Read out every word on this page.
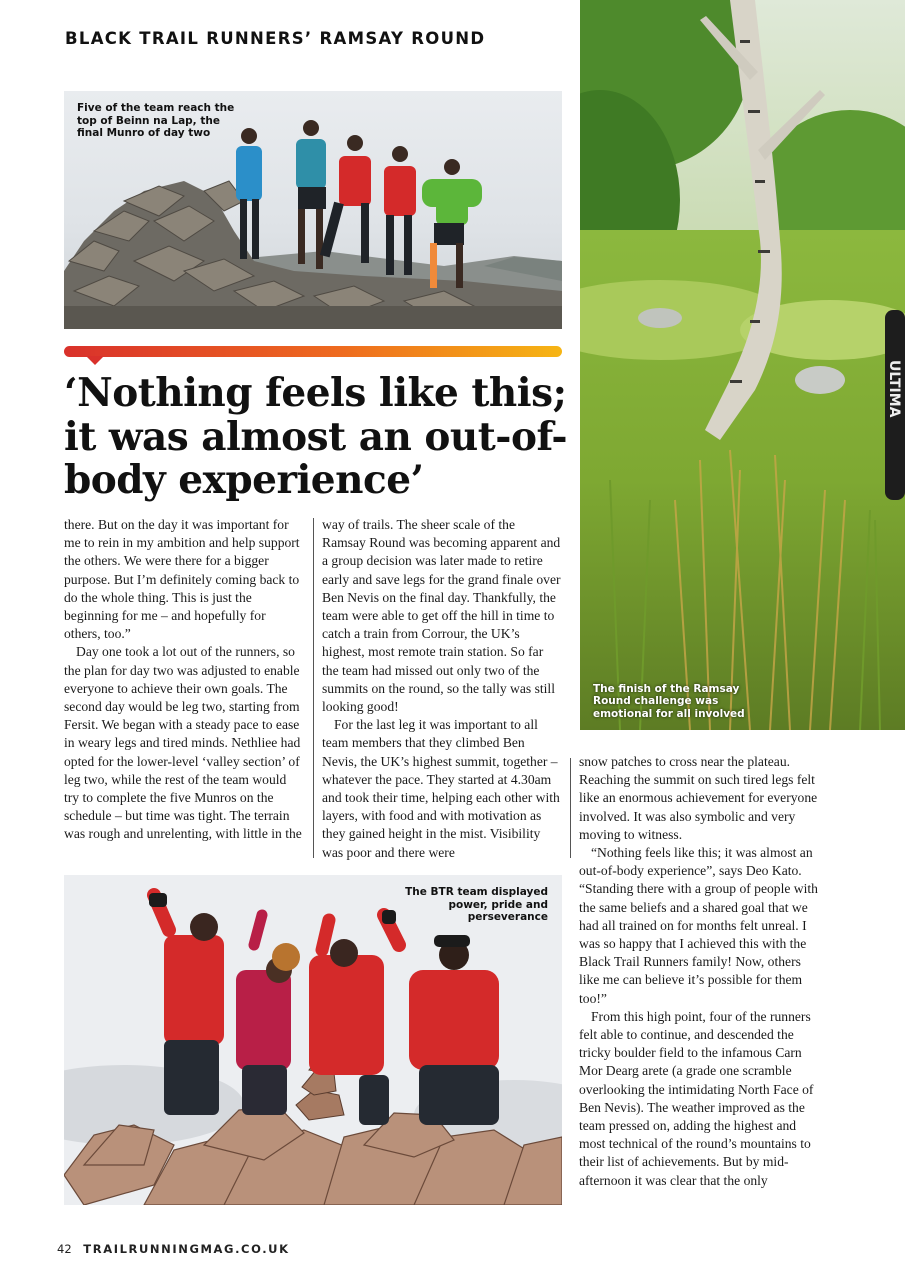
BLACK TRAIL RUNNERS’ RAMSAY ROUND
Five of the team reach the top of Beinn na Lap, the final Munro of day two
ULTIMA
The finish of the Ramsay Round challenge was emotional for all involved
‘Nothing feels like this; it was almost an out-of-body experience’

there. But on the day it was important for me to rein in my ambition and help support the others. We were there for a bigger purpose. But I’m definitely coming back to do the whole thing. This is just the beginning for me – and hopefully for others, too.”

Day one took a lot out of the runners, so the plan for day two was adjusted to enable everyone to achieve their own goals. The second day would be leg two, starting from Fersit. We began with a steady pace to ease in weary legs and tired minds. Nethliee had opted for the lower-level ‘valley section’ of leg two, while the rest of the team would try to complete the five Munros on the schedule – but time was tight. The terrain was rough and unrelenting, with little in the

way of trails. The sheer scale of the Ramsay Round was becoming apparent and a group decision was later made to retire early and save legs for the grand finale over Ben Nevis on the final day. Thankfully, the team were able to get off the hill in time to catch a train from Corrour, the UK’s highest, most remote train station. So far the team had missed out only two of the summits on the round, so the tally was still looking good!

For the last leg it was important to all team members that they climbed Ben Nevis, the UK’s highest summit, together – whatever the pace. They started at 4.30am and took their time, helping each other with layers, with food and with motivation as they gained height in the mist. Visibility was poor and there were

snow patches to cross near the plateau. Reaching the summit on such tired legs felt like an enormous achievement for everyone involved. It was also symbolic and very moving to witness.

“Nothing feels like this; it was almost an out-of-body experience”, says Deo Kato. “Standing there with a group of people with the same beliefs and a shared goal that we had all trained on for months felt unreal. I was so happy that I achieved this with the Black Trail Runners family! Now, others like me can believe it’s possible for them too!”

From this high point, four of the runners felt able to continue, and descended the tricky boulder field to the infamous Carn Mor Dearg arete (a grade one scramble overlooking the intimidating North Face of Ben Nevis). The weather improved as the team pressed on, adding the highest and most technical of the round’s mountains to their list of achievements. But by mid-afternoon it was clear that the only

The BTR team displayed power, pride and perseverance
42 TRAILRUNNINGMAG.CO.UK
